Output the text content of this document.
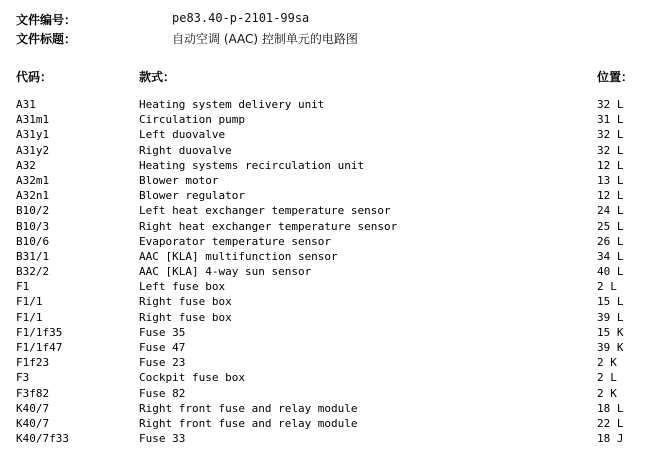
文件编号：	pe83.40-p-2101-99sa
文件标题：	自动空调 (AAC) 控制单元的电路图
代码：	款式：	位置：
A31	Heating system delivery unit	32 L
A31m1	Circulation pump	31 L
A31y1	Left duovalve	32 L
A31y2	Right duovalve	32 L
A32	Heating systems recirculation unit	12 L
A32m1	Blower motor	13 L
A32n1	Blower regulator	12 L
B10/2	Left heat exchanger temperature sensor	24 L
B10/3	Right heat exchanger temperature sensor	25 L
B10/6	Evaporator temperature sensor	26 L
B31/1	AAC [KLA] multifunction sensor	34 L
B32/2	AAC [KLA] 4-way sun sensor	40 L
F1	Left fuse box	2 L
F1/1	Right fuse box	15 L
F1/1	Right fuse box	39 L
F1/1f35	Fuse 35	15 K
F1/1f47	Fuse 47	39 K
F1f23	Fuse 23	2 K
F3	Cockpit fuse box	2 L
F3f82	Fuse 82	2 K
K40/7	Right front fuse and relay module	18 L
K40/7	Right front fuse and relay module	22 L
K40/7f33	Fuse 33	18 J
